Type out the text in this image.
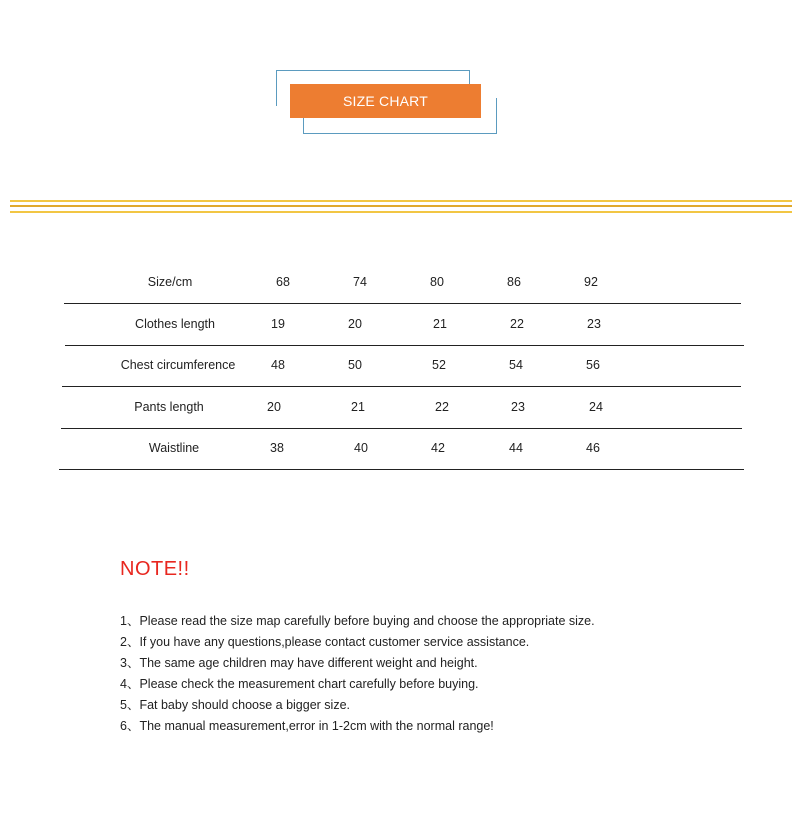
SIZE CHART
Size/cm	68	74	80	86	92
Clothes length	19	20	21	22	23
Chest circumference	48	50	52	54	56
Pants length	20	21	22	23	24
Waistline	38	40	42	44	46
NOTE!!
1、Please read the size map carefully before buying and choose the appropriate size.
2、If you have any questions,please contact customer service assistance.
3、The same age children may have different weight and height.
4、Please check the measurement chart carefully before buying.
5、Fat baby should choose a bigger size.
6、The manual measurement,error in 1-2cm with the normal range!
